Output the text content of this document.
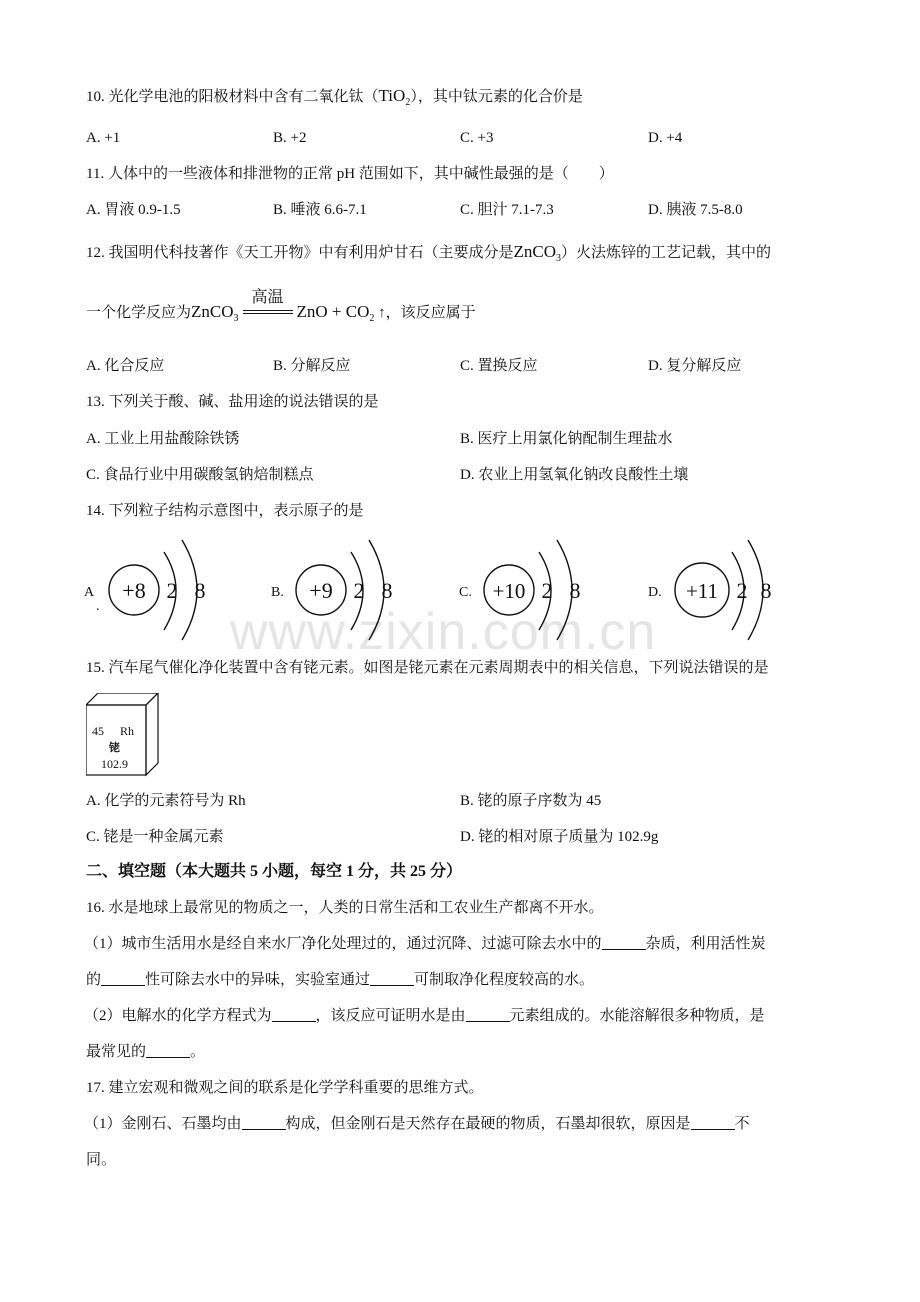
www.zixin.com.cn
10. 光化学电池的阳极材料中含有二氧化钛（TiO$_2$），其中钛元素的化合价是
A. +1	B. +2	C. +3	D. +4
11. 人体中的一些液体和排泄物的正常 pH 范围如下，其中碱性最强的是（　　）
A. 胃液 0.9-1.5	B. 唾液 6.6-7.1	C. 胆汁 7.1-7.3	D. 胰液 7.5-8.0
12. 我国明代科技著作《天工开物》中有利用炉甘石（主要成分是ZnCO$_3$）火法炼锌的工艺记载，其中的
一个化学反应为ZnCO$_3$
高温
ZnO + $CO_2$ ↑，该反应属于
A. 化合反应	B. 分解反应	C. 置换反应	D. 复分解反应
13. 下列关于酸、碱、盐用途的说法错误的是
A. 工业上用盐酸除铁锈	B. 医疗上用氯化钠配制生理盐水
C. 食品行业中用碳酸氢钠焙制糕点	D. 农业上用氢氧化钠改良酸性土壤
14. 下列粒子结构示意图中，表示原子的是
A
.
+8 2 8	B. +9 2 8	C. +10 2 8	D. +11 2 8
15. 汽车尾气催化净化装置中含有铑元素。如图是铑元素在元素周期表中的相关信息，下列说法错误的是
45 Rh
铑
102.9
A. 化学的元素符号为 Rh	B. 铑的原子序数为 45
C. 铑是一种金属元素	D. 铑的相对原子质量为 102.9g
二、填空题（本大题共 5 小题，每空 1 分，共 25 分）
16. 水是地球上最常见的物质之一，人类的日常生活和工农业生产都离不开水。
（1）城市生活用水是经自来水厂净化处理过的，通过沉降、过滤可除去水中的	杂质，利用活性炭
的	性可除去水中的异味，实验室通过	可制取净化程度较高的水。
（2）电解水的化学方程式为	，该反应可证明水是由	元素组成的。水能溶解很多种物质，是
最常见的	。
17. 建立宏观和微观之间的联系是化学学科重要的思维方式。
（1）金刚石、石墨均由	构成，但金刚石是天然存在最硬的物质，石墨却很软，原因是	不
同。
